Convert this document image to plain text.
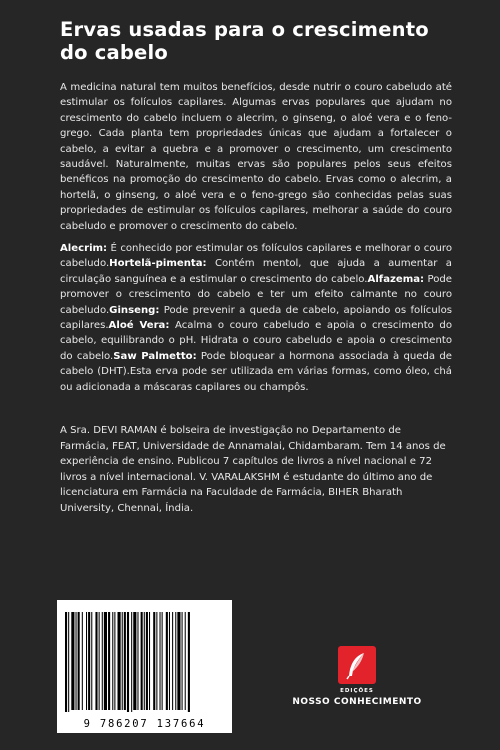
Ervas usadas para o crescimento do cabelo

A medicina natural tem muitos benefícios, desde nutrir o couro cabeludo até estimular os folículos capilares. Algumas ervas populares que ajudam no crescimento do cabelo incluem o alecrim, o ginseng, o aloé vera e o feno-grego. Cada planta tem propriedades únicas que ajudam a fortalecer o cabelo, a evitar a quebra e a promover o crescimento, um crescimento saudável. Naturalmente, muitas ervas são populares pelos seus efeitos benéficos na promoção do crescimento do cabelo. Ervas como o alecrim, a hortelã, o ginseng, o aloé vera e o feno-grego são conhecidas pelas suas propriedades de estimular os folículos capilares, melhorar a saúde do couro cabeludo e promover o crescimento do cabelo.

Alecrim: É conhecido por estimular os folículos capilares e melhorar o couro cabeludo.Hortelã-pimenta: Contém mentol, que ajuda a aumentar a circulação sanguínea e a estimular o crescimento do cabelo.Alfazema: Pode promover o crescimento do cabelo e ter um efeito calmante no couro cabeludo.Ginseng: Pode prevenir a queda de cabelo, apoiando os folículos capilares.Aloé Vera: Acalma o couro cabeludo e apoia o crescimento do cabelo, equilibrando o pH. Hidrata o couro cabeludo e apoia o crescimento do cabelo.Saw Palmetto: Pode bloquear a hormona associada à queda de cabelo (DHT).Esta erva pode ser utilizada em várias formas, como óleo, chá ou adicionada a máscaras capilares ou champôs.

A Sra. DEVI RAMAN é bolseira de investigação no Departamento de Farmácia, FEAT, Universidade de Annamalai, Chidambaram. Tem 14 anos de experiência de ensino. Publicou 7 capítulos de livros a nível nacional e 72 livros a nível internacional. V. VARALAKSHM é estudante do último ano de licenciatura em Farmácia na Faculdade de Farmácia, BIHER Bharath University, Chennai, Índia.

9 786207 137664
EDIÇÕES
NOSSO CONHECIMENTO
